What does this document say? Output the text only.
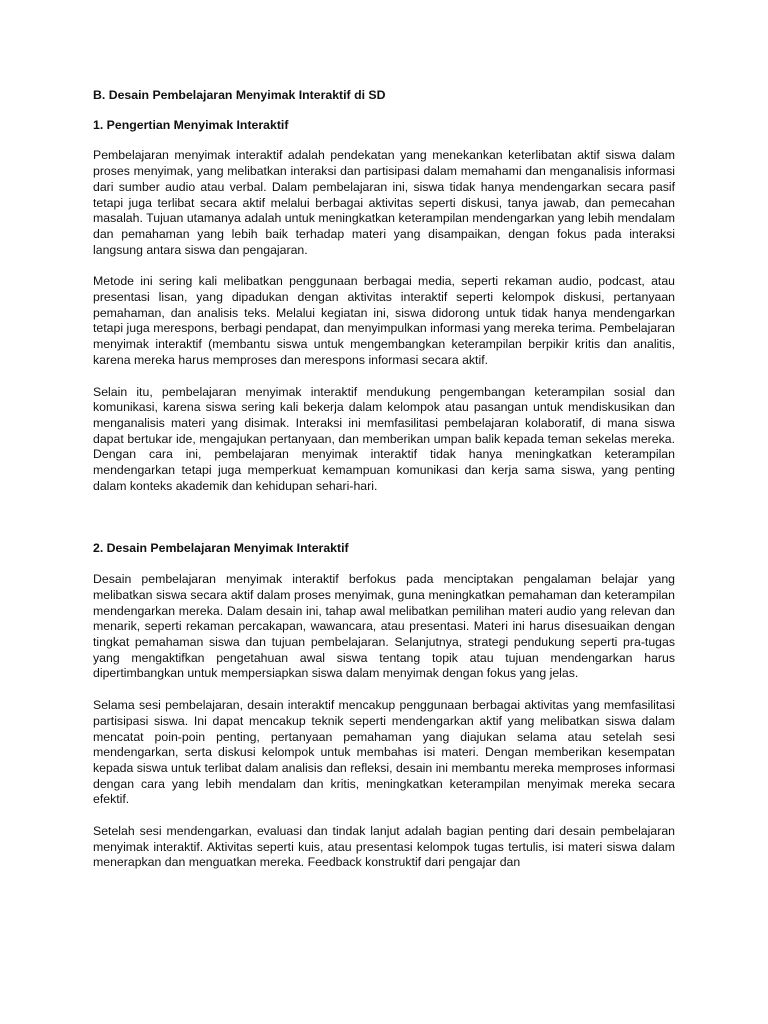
B. Desain Pembelajaran Menyimak Interaktif di SD

1. Pengertian Menyimak Interaktif

Pembelajaran menyimak interaktif adalah pendekatan yang menekankan keterlibatan aktif siswa dalam proses menyimak, yang melibatkan interaksi dan partisipasi dalam memahami dan menganalisis informasi dari sumber audio atau verbal. Dalam pembelajaran ini, siswa tidak hanya mendengarkan secara pasif tetapi juga terlibat secara aktif melalui berbagai aktivitas seperti diskusi, tanya jawab, dan pemecahan masalah. Tujuan utamanya adalah untuk meningkatkan keterampilan mendengarkan yang lebih mendalam dan pemahaman yang lebih baik terhadap materi yang disampaikan, dengan fokus pada interaksi langsung antara siswa dan pengajaran.

Metode ini sering kali melibatkan penggunaan berbagai media, seperti rekaman audio, podcast, atau presentasi lisan, yang dipadukan dengan aktivitas interaktif seperti kelompok diskusi, pertanyaan pemahaman, dan analisis teks. Melalui kegiatan ini, siswa didorong untuk tidak hanya mendengarkan tetapi juga merespons, berbagi pendapat, dan menyimpulkan informasi yang mereka terima. Pembelajaran menyimak interaktif (membantu siswa untuk mengembangkan keterampilan berpikir kritis dan analitis, karena mereka harus memproses dan merespons informasi secara aktif.

Selain itu, pembelajaran menyimak interaktif mendukung pengembangan keterampilan sosial dan komunikasi, karena siswa sering kali bekerja dalam kelompok atau pasangan untuk mendiskusikan dan menganalisis materi yang disimak. Interaksi ini memfasilitasi pembelajaran kolaboratif, di mana siswa dapat bertukar ide, mengajukan pertanyaan, dan memberikan umpan balik kepada teman sekelas mereka. Dengan cara ini, pembelajaran menyimak interaktif tidak hanya meningkatkan keterampilan mendengarkan tetapi juga memperkuat kemampuan komunikasi dan kerja sama siswa, yang penting dalam konteks akademik dan kehidupan sehari-hari.

2. Desain Pembelajaran Menyimak Interaktif

Desain pembelajaran menyimak interaktif berfokus pada menciptakan pengalaman belajar yang melibatkan siswa secara aktif dalam proses menyimak, guna meningkatkan pemahaman dan keterampilan mendengarkan mereka. Dalam desain ini, tahap awal melibatkan pemilihan materi audio yang relevan dan menarik, seperti rekaman percakapan, wawancara, atau presentasi. Materi ini harus disesuaikan dengan tingkat pemahaman siswa dan tujuan pembelajaran. Selanjutnya, strategi pendukung seperti pra-tugas yang mengaktifkan pengetahuan awal siswa tentang topik atau tujuan mendengarkan harus dipertimbangkan untuk mempersiapkan siswa dalam menyimak dengan fokus yang jelas.

Selama sesi pembelajaran, desain interaktif mencakup penggunaan berbagai aktivitas yang memfasilitasi partisipasi siswa. Ini dapat mencakup teknik seperti mendengarkan aktif yang melibatkan siswa dalam mencatat poin-poin penting, pertanyaan pemahaman yang diajukan selama atau setelah sesi mendengarkan, serta diskusi kelompok untuk membahas isi materi. Dengan memberikan kesempatan kepada siswa untuk terlibat dalam analisis dan refleksi, desain ini membantu mereka memproses informasi dengan cara yang lebih mendalam dan kritis, meningkatkan keterampilan menyimak mereka secara efektif.

Setelah sesi mendengarkan, evaluasi dan tindak lanjut adalah bagian penting dari desain pembelajaran menyimak interaktif. Aktivitas seperti kuis, atau presentasi kelompok tugas tertulis, isi materi siswa dalam menerapkan dan menguatkan mereka. Feedback konstruktif dari pengajar dan
